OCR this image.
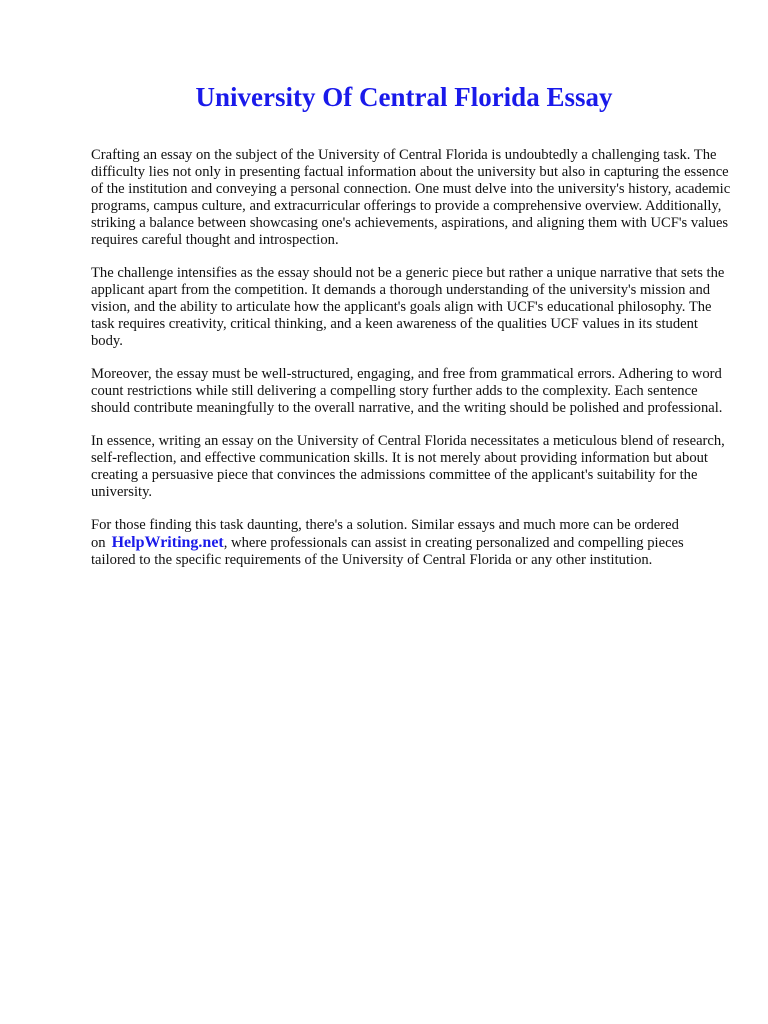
University Of Central Florida Essay

Crafting an essay on the subject of the University of Central Florida is undoubtedly a challenging task. The difficulty lies not only in presenting factual information about the university but also in capturing the essence of the institution and conveying a personal connection. One must delve into the university's history, academic programs, campus culture, and extracurricular offerings to provide a comprehensive overview. Additionally, striking a balance between showcasing one's achievements, aspirations, and aligning them with UCF's values requires careful thought and introspection.

The challenge intensifies as the essay should not be a generic piece but rather a unique narrative that sets the applicant apart from the competition. It demands a thorough understanding of the university's mission and vision, and the ability to articulate how the applicant's goals align with UCF's educational philosophy. The task requires creativity, critical thinking, and a keen awareness of the qualities UCF values in its student body.

Moreover, the essay must be well-structured, engaging, and free from grammatical errors. Adhering to word count restrictions while still delivering a compelling story further adds to the complexity. Each sentence should contribute meaningfully to the overall narrative, and the writing should be polished and professional.

In essence, writing an essay on the University of Central Florida necessitates a meticulous blend of research, self-reflection, and effective communication skills. It is not merely about providing information but about creating a persuasive piece that convinces the admissions committee of the applicant's suitability for the university.

For those finding this task daunting, there's a solution. Similar essays and much more can be ordered on HelpWriting.net, where professionals can assist in creating personalized and compelling pieces tailored to the specific requirements of the University of Central Florida or any other institution.
